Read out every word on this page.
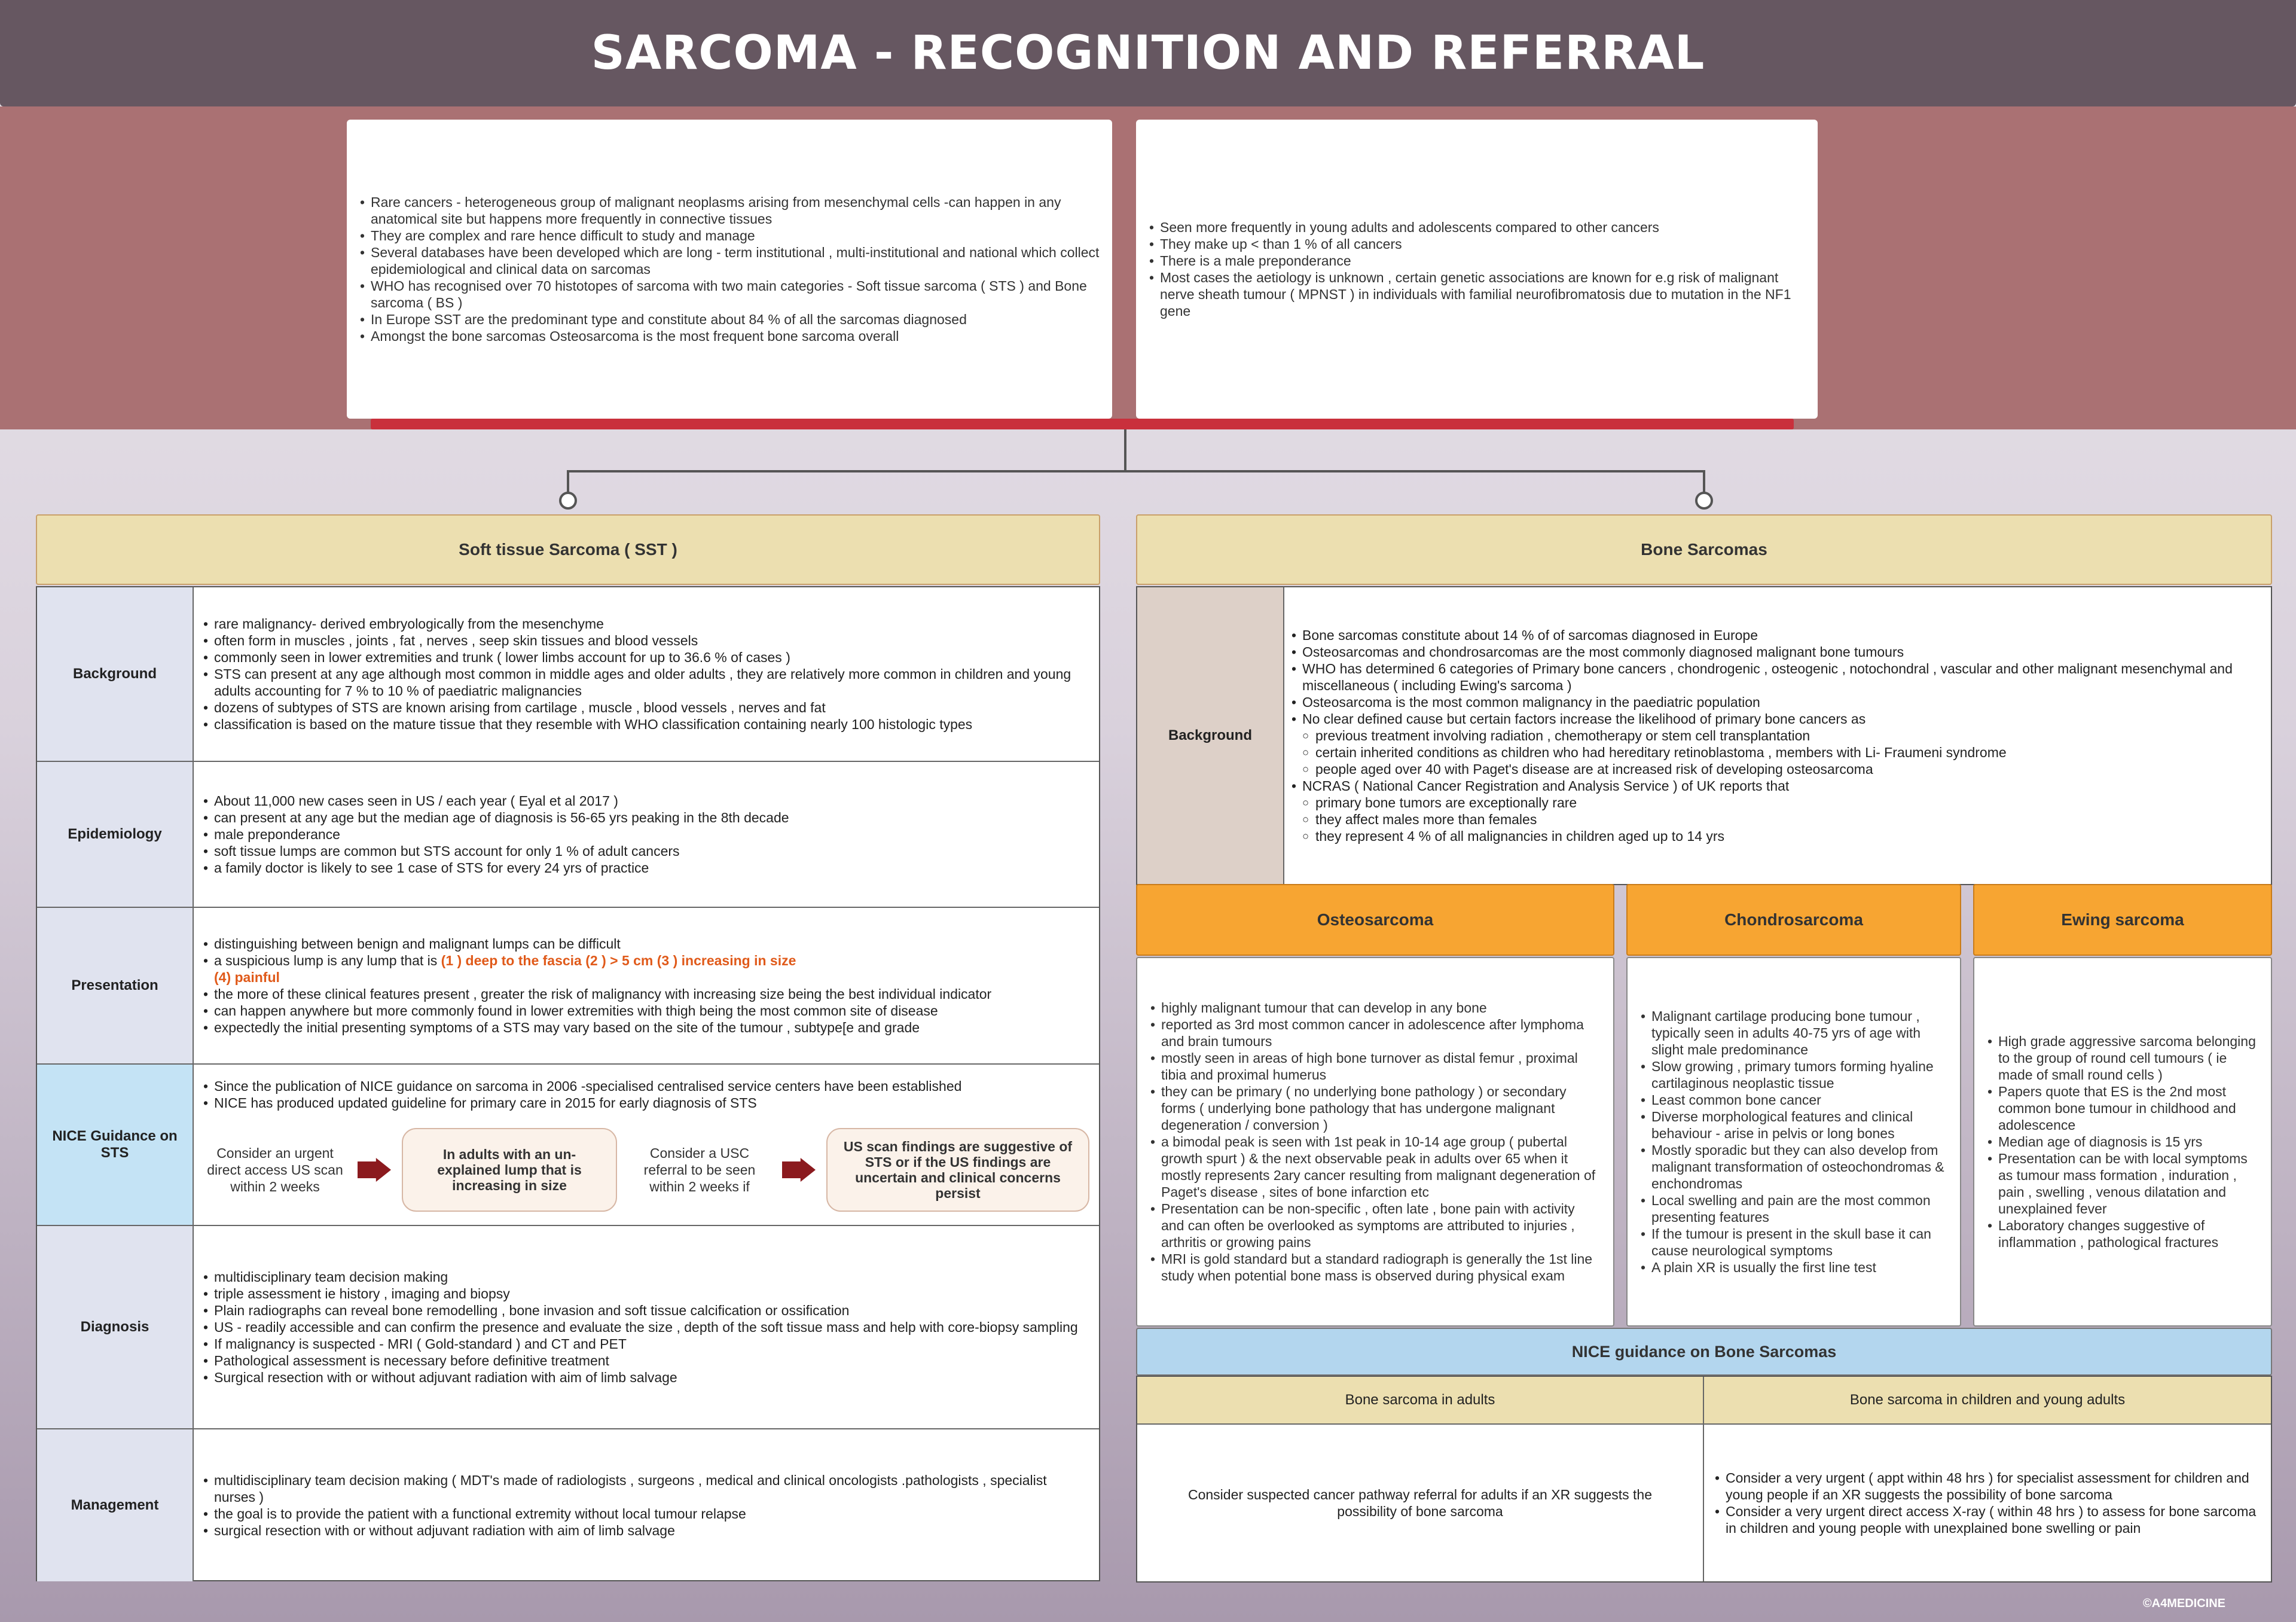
SARCOMA - RECOGNITION AND REFERRAL
• Rare cancers - heterogeneous group of malignant neoplasms arising from mesenchymal cells -can happen in any anatomical site but happens more frequently in connective tissues
• They are complex and rare hence difficult to study and manage
• Several databases have been developed which are long - term institutional , multi-institutional and national which collect epidemiological and clinical data on sarcomas
• WHO has recognised over 70 histotopes of sarcoma with two main categories - Soft tissue sarcoma ( STS ) and Bone sarcoma ( BS )
• In Europe SST are the predominant type and constitute about 84 % of all the sarcomas diagnosed
• Amongst the bone sarcomas Osteosarcoma is the most frequent bone sarcoma overall
• Seen more frequently in young adults and adolescents compared to other cancers
• They make up < than 1 % of all cancers
• There is a male preponderance
• Most cases the aetiology is unknown , certain genetic associations are known for e.g risk of malignant nerve sheath tumour ( MPNST ) in individuals with familial neurofibromatosis due to mutation in the NF1 gene
Soft tissue Sarcoma ( SST )
Background
• rare malignancy- derived embryologically from the mesenchyme
• often form in muscles , joints , fat , nerves , seep skin tissues and blood vessels
• commonly seen in lower extremities and trunk ( lower limbs account for up to 36.6 % of cases )
• STS can present at any age although most common in middle ages and older adults , they are relatively more common in children and young adults accounting for 7 % to 10 % of paediatric malignancies
• dozens of subtypes of STS are known arising from cartilage , muscle , blood vessels , nerves and fat
• classification is based on the mature tissue that they resemble with WHO classification containing nearly 100 histologic types
Epidemiology
• About 11,000 new cases seen in US / each year ( Eyal et al 2017 )
• can present at any age but the median age of diagnosis is 56-65 yrs peaking in the 8th decade
• male preponderance
• soft tissue lumps are common but STS account for only 1 % of adult cancers
• a family doctor is likely to see 1 case of STS for every 24 yrs of practice
Presentation
• distinguishing between benign and malignant lumps can be difficult
• a suspicious lump is any lump that is (1 ) deep to the fascia (2 ) > 5 cm (3 ) increasing in size
(4) painful
• the more of these clinical features present , greater the risk of malignancy with increasing size being the best individual indicator
• can happen anywhere but more commonly found in lower extremities with thigh being the most common site of disease
• expectedly the initial presenting symptoms of a STS may vary based on the site of the tumour , subtype[e and grade
NICE Guidance on STS
• Since the publication of NICE guidance on sarcoma in 2006 -specialised centralised service centers have been established
• NICE has produced updated guideline for primary care in 2015 for early diagnosis of STS
Consider an urgent direct access US scan within 2 weeks
In adults with an un-explained lump that is increasing in size
Consider a USC referral to be seen within 2 weeks if
US scan findings are suggestive of STS or if the US findings are uncertain and clinical concerns persist
Diagnosis
• multidisciplinary team decision making
• triple assessment ie history , imaging and biopsy
• Plain radiographs can reveal bone remodelling , bone invasion and soft tissue calcification or ossification
• US - readily accessible and can confirm the presence and evaluate the size , depth of the soft tissue mass and help with core-biopsy sampling
• If malignancy is suspected - MRI ( Gold-standard ) and CT and PET
• Pathological assessment is necessary before definitive treatment
• Surgical resection with or without adjuvant radiation with aim of limb salvage
Management
• multidisciplinary team decision making ( MDT's made of radiologists , surgeons , medical and clinical oncologists .pathologists , specialist nurses )
• the goal is to provide the patient with a functional extremity without local tumour relapse
• surgical resection with or without adjuvant radiation with aim of limb salvage
Bone Sarcomas
Background
• Bone sarcomas constitute about 14 % of of sarcomas diagnosed in Europe
• Osteosarcomas and chondrosarcomas are the most commonly diagnosed malignant bone tumours
• WHO has determined 6 categories of Primary bone cancers , chondrogenic , osteogenic , notochondral , vascular and other malignant mesenchymal and miscellaneous ( including Ewing's sarcoma )
• Osteosarcoma is the most common malignancy in the paediatric population
• No clear defined cause but certain factors increase the likelihood of primary bone cancers as
○ previous treatment involving radiation , chemotherapy or stem cell transplantation
○ certain inherited conditions as children who had hereditary retinoblastoma , members with Li- Fraumeni syndrome
○ people aged over 40 with Paget's disease are at increased risk of developing osteosarcoma
• NCRAS ( National Cancer Registration and Analysis Service ) of UK reports that
○ primary bone tumors are exceptionally rare
○ they affect males more than females
○ they represent 4 % of all malignancies in children aged up to 14 yrs
Osteosarcoma	Chondrosarcoma	Ewing sarcoma
• highly malignant tumour that can develop in any bone
• reported as 3rd most common cancer in adolescence after lymphoma and brain tumours
• mostly seen in areas of high bone turnover as distal femur , proximal tibia and proximal humerus
• they can be primary ( no underlying bone pathology ) or secondary forms ( underlying bone pathology that has undergone malignant degeneration / conversion )
• a bimodal peak is seen with 1st peak in 10-14 age group ( pubertal growth spurt ) & the next observable peak in adults over 65 when it mostly represents 2ary cancer resulting from malignant degeneration of Paget's disease , sites of bone infarction etc
• Presentation can be non-specific , often late , bone pain with activity and can often be overlooked as symptoms are attributed to injuries , arthritis or growing pains
• MRI is gold standard but a standard radiograph is generally the 1st line study when potential bone mass is observed during physical exam
• Malignant cartilage producing bone tumour , typically seen in adults 40-75 yrs of age with slight male predominance
• Slow growing , primary tumors forming hyaline cartilaginous neoplastic tissue
• Least common bone cancer
• Diverse morphological features and clinical behaviour - arise in pelvis or long bones
• Mostly sporadic but they can also develop from malignant transformation of osteochondromas & enchondromas
• Local swelling and pain are the most common presenting features
• If the tumour is present in the skull base it can cause neurological symptoms
• A plain XR is usually the first line test
• High grade aggressive sarcoma belonging to the group of round cell tumours ( ie made of small round cells )
• Papers quote that ES is the 2nd most common bone tumour in childhood and adolescence
• Median age of diagnosis is 15 yrs
• Presentation can be with local symptoms as tumour mass formation , induration , pain , swelling , venous dilatation and unexplained fever
• Laboratory changes suggestive of inflammation , pathological fractures
NICE guidance on Bone Sarcomas
Bone sarcoma in adults	Bone sarcoma in children and young adults
Consider suspected cancer pathway referral for adults if an XR suggests the possibility of bone sarcoma
• Consider a very urgent ( appt within 48 hrs ) for specialist assessment for children and young people if an XR suggests the possibility of bone sarcoma
• Consider a very urgent direct access X-ray ( within 48 hrs ) to assess for bone sarcoma in children and young people with unexplained bone swelling or pain
©A4MEDICINE
